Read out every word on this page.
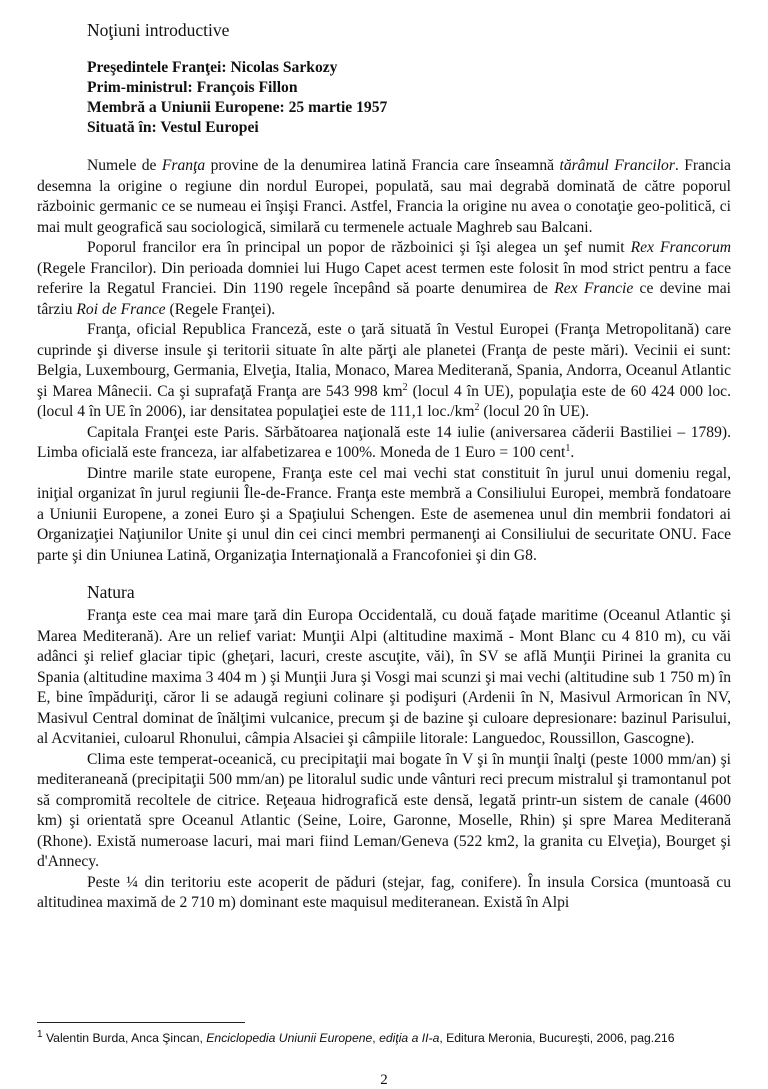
Noţiuni introductive
Preşedintele Franţei: Nicolas Sarkozy
Prim-ministrul: François Fillon
Membră a Uniunii Europene: 25 martie 1957
Situată în: Vestul Europei

Numele de Franţa provine de la denumirea latină Francia care înseamnă tărâmul Francilor. Francia desemna la origine o regiune din nordul Europei, populată, sau mai degrabă dominată de către poporul războinic germanic ce se numeau ei înşişi Franci. Astfel, Francia la origine nu avea o conotaţie geo-politică, ci mai mult geografică sau sociologică, similară cu termenele actuale Maghreb sau Balcani.

Poporul francilor era în principal un popor de războinici şi îşi alegea un şef numit Rex Francorum (Regele Francilor). Din perioada domniei lui Hugo Capet acest termen este folosit în mod strict pentru a face referire la Regatul Franciei. Din 1190 regele începând să poarte denumirea de Rex Francie ce devine mai târziu Roi de France (Regele Franţei).

Franţa, oficial Republica Franceză, este o ţară situată în Vestul Europei (Franţa Metropolitană) care cuprinde şi diverse insule şi teritorii situate în alte părţi ale planetei (Franţa de peste mări). Vecinii ei sunt: Belgia, Luxembourg, Germania, Elveţia, Italia, Monaco, Marea Mediterană, Spania, Andorra, Oceanul Atlantic şi Marea Mânecii. Ca şi suprafaţă Franţa are 543 998 $km^2$ (locul 4 în UE), populaţia este de 60 424 000 loc. (locul 4 în UE în 2006), iar densitatea populaţiei este de 111,1 $loc./km^2$ (locul 20 în UE).

Capitala Franţei este Paris. Sărbătoarea naţională este 14 iulie (aniversarea căderii Bastiliei – 1789). Limba oficială este franceza, iar alfabetizarea e 100%. Moneda de 1 Euro = 100 cent$^1$.

Dintre marile state europene, Franţa este cel mai vechi stat constituit în jurul unui domeniu regal, iniţial organizat în jurul regiunii Île-de-France. Franţa este membră a Consiliului Europei, membră fondatoare a Uniunii Europene, a zonei Euro şi a Spaţiului Schengen. Este de asemenea unul din membrii fondatori ai Organizaţiei Naţiunilor Unite şi unul din cei cinci membri permanenţi ai Consiliului de securitate ONU. Face parte şi din Uniunea Latină, Organizaţia Internaţională a Francofoniei şi din G8.

Natura

Franţa este cea mai mare ţară din Europa Occidentală, cu două faţade maritime (Oceanul Atlantic şi Marea Mediterană). Are un relief variat: Munţii Alpi (altitudine maximă - Mont Blanc cu 4 810 m), cu văi adânci şi relief glaciar tipic (gheţari, lacuri, creste ascuţite, văi), în SV se află Munţii Pirinei la granita cu Spania (altitudine maxima 3 404 m ) şi Munţii Jura şi Vosgi mai scunzi şi mai vechi (altitudine sub 1 750 m) în E, bine împăduriţi, căror li se adaugă regiuni colinare şi podişuri (Ardenii în N, Masivul Armorican în NV, Masivul Central dominat de înălţimi vulcanice, precum şi de bazine şi culoare depresionare: bazinul Parisului, al Acvitaniei, culoarul Rhonului, câmpia Alsaciei şi câmpiile litorale: Languedoc, Roussillon, Gascogne).

Clima este temperat-oceanică, cu precipitaţii mai bogate în V şi în munţii înalţi (peste 1000 mm/an) şi mediteraneană (precipitaţii 500 mm/an) pe litoralul sudic unde vânturi reci precum mistralul şi tramontanul pot să compromită recoltele de citrice. Reţeaua hidrografică este densă, legată printr-un sistem de canale (4600 km) şi orientată spre Oceanul Atlantic (Seine, Loire, Garonne, Moselle, Rhin) şi spre Marea Mediterană (Rhone). Există numeroase lacuri, mai mari fiind Leman/Geneva (522 km2, la granita cu Elveţia), Bourget şi d'Annecy.

Peste ¼ din teritoriu este acoperit de păduri (stejar, fag, conifere). În insula Corsica (muntoasă cu altitudinea maximă de 2 710 m) dominant este maquisul mediteranean. Există în Alpi

$^1$ Valentin Burda, Anca Şincan, Enciclopedia Uniunii Europene, ediţia a II-a, Editura Meronia, Bucureşti, 2006, pag.216
2
